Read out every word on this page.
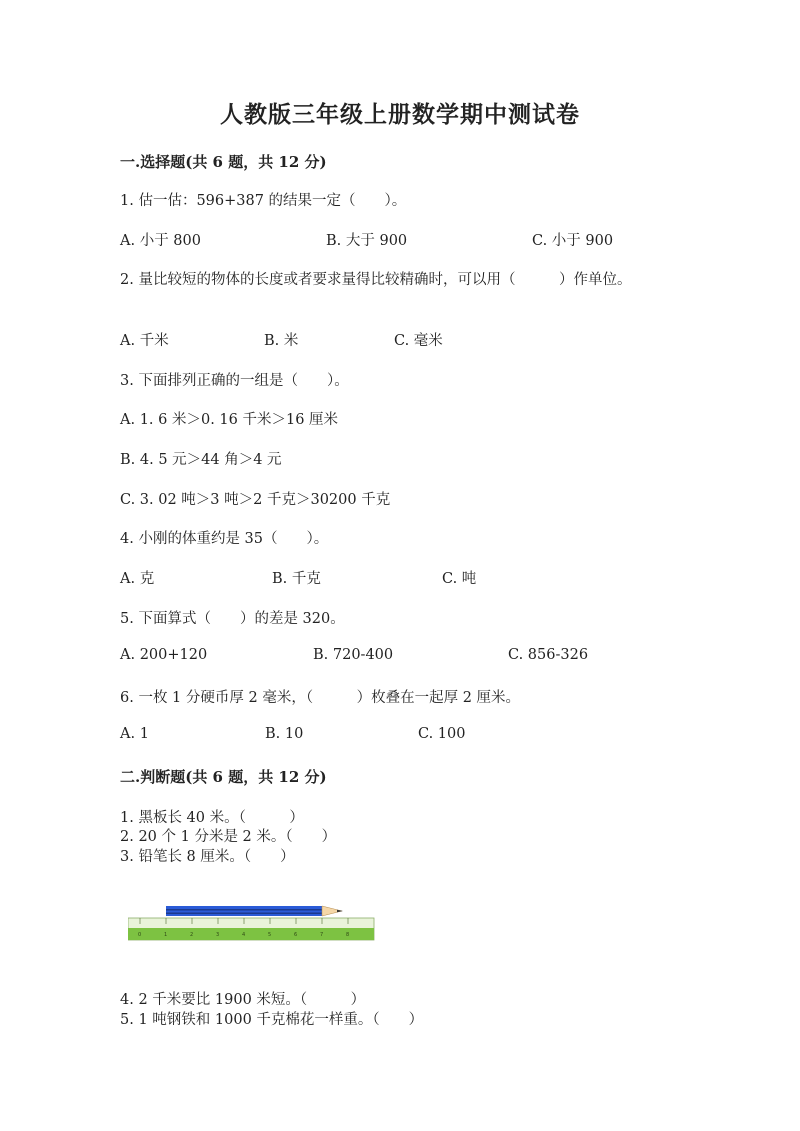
人教版三年级上册数学期中测试卷
一.选择题(共 6 题，共 12 分)
1. 估一估：596+387 的结果一定（　　）。
A. 小于 800	B. 大于 900	C. 小于 900
2. 量比较短的物体的长度或者要求量得比较精确时，可以用（　　　）作单位。
A. 千米	B. 米	C. 毫米
3. 下面排列正确的一组是（　　）。
A. 1. 6 米＞0. 16 千米＞16 厘米
B. 4. 5 元＞44 角＞4 元
C. 3. 02 吨＞3 吨＞2 千克＞30200 千克
4. 小刚的体重约是 35（　　）。
A. 克	B. 千克	C. 吨
5. 下面算式（　　）的差是 320。
A. 200+120	B. 720-400	C. 856-326
6. 一枚 1 分硬币厚 2 毫米，（　　　）枚叠在一起厚 2 厘米。
A. 1	B. 10	C. 100
二.判断题(共 6 题，共 12 分)
1. 黑板长 40 米。（　　　）
2. 20 个 1 分米是 2 米。（　　）
3. 铅笔长 8 厘米。（　　）
0	1	2	3	4	5	6	7	8
4. 2 千米要比 1900 米短。（　　　）
5. 1 吨钢铁和 1000 千克棉花一样重。（　　）
